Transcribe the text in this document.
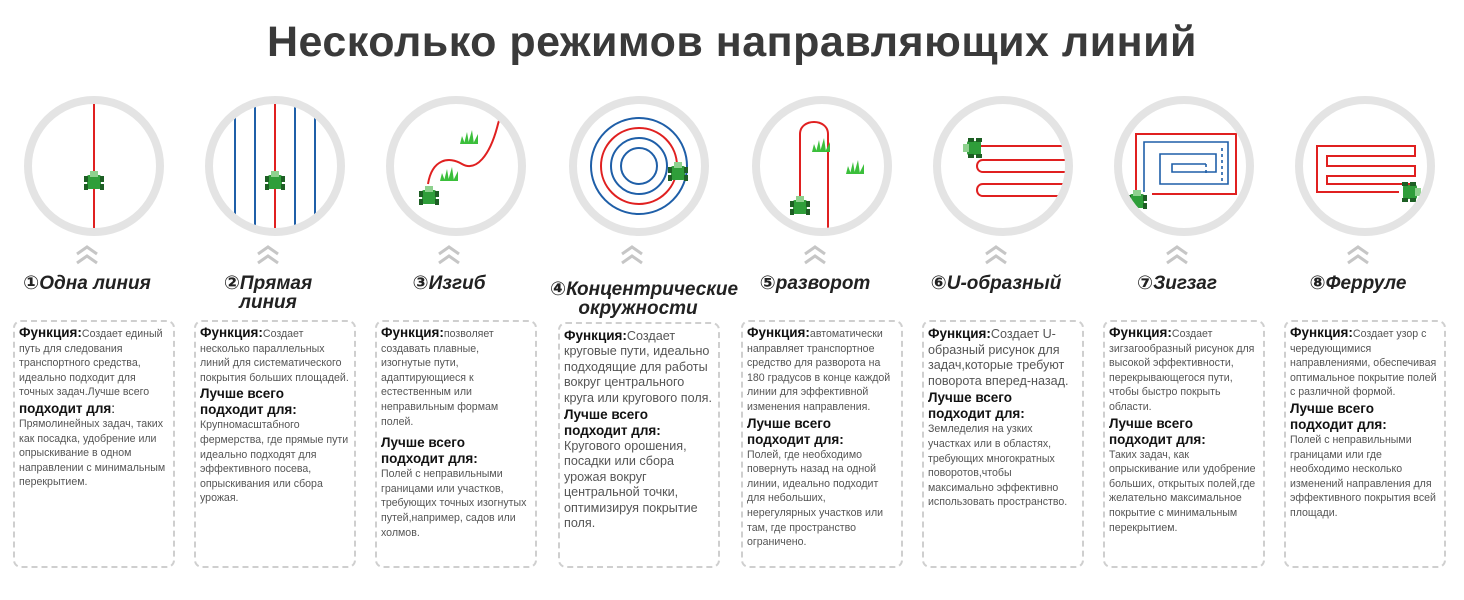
Несколько режимов направляющих линий
①Одна линия

Функция:Создает единый путь для следования транспортного средства, идеально подходит для точных задач.Лучше всего

подходит для:

Прямолинейных задач, таких как посадка, удобрение или опрыскивание в одном направлении с минимальным перекрытием.

②Прямая линия

Функция:Создает несколько параллельных линий для систематического покрытия больших площадей.

Лучше всего подходит для:

Крупномасштабного фермерства, где прямые пути идеально подходят для эффективного посева, опрыскивания или сбора урожая.

③Изгиб

Функция:позволяет создавать плавные, изогнутые пути, адаптирующиеся к естественным или неправильным формам полей.

Лучше всего подходит для:

Полей с неправильными границами или участков, требующих точных изогнутых путей,например, садов или холмов.

④Концентрические окружности

Функция:Создает круговые пути, идеально подходящие для работы вокруг центрального круга или кругового поля.

Лучше всего подходит для:

Кругового орошения, посадки или сбора урожая вокруг центральной точки, оптимизируя покрытие поля.

⑤разворот

Функция:автоматически направляет транспортное средство для разворота на 180 градусов в конце каждой линии для эффективной изменения направления.

Лучше всего подходит для:

Полей, где необходимо повернуть назад на одной линии, идеально подходит для небольших, нерегулярных участков или там, где пространство ограничено.

⑥U-образный

Функция:Создает U-образный рисунок для задач,которые требуют поворота вперед-назад.

Лучше всего подходит для:

Земледелия на узких участках или в областях, требующих многократных поворотов,чтобы максимально эффективно использовать пространство.

⑦Зигзаг

Функция:Создает зигзагообразный рисунок для высокой эффективности, перекрывающегося пути, чтобы быстро покрыть области.

Лучше всего подходит для:

Таких задач, как опрыскивание или удобрение больших, открытых полей,где желательно максимальное покрытие с минимальным перекрытием.

⑧Ферруле

Функция:Создает узор с чередующимися направлениями, обеспечивая оптимальное покрытие полей с различной формой.

Лучше всего подходит для:

Полей с неправильными границами или где необходимо несколько изменений направления для эффективного покрытия всей площади.
